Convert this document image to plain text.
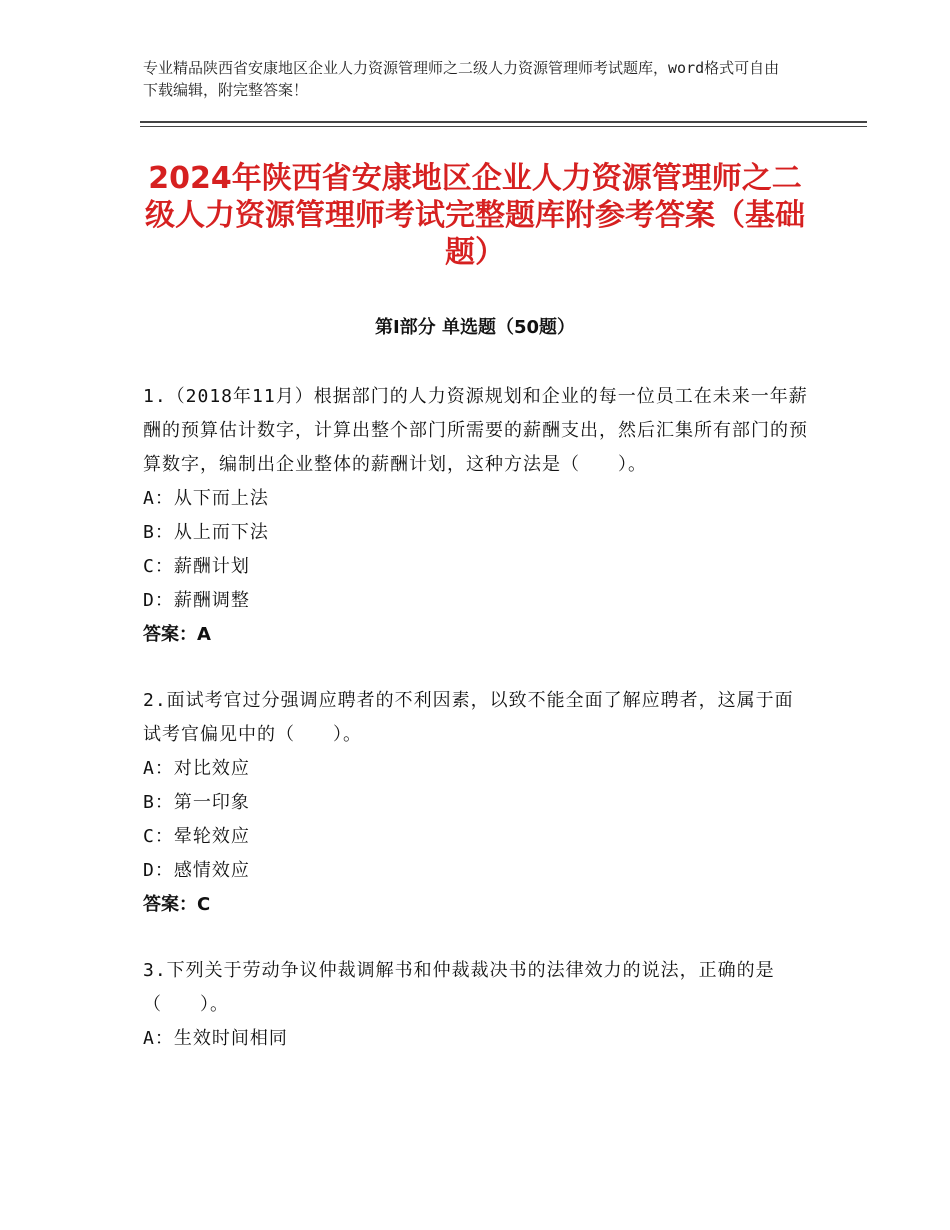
专业精品陕西省安康地区企业人力资源管理师之二级人力资源管理师考试题库，word格式可自由下载编辑，附完整答案！
2024年陕西省安康地区企业人力资源管理师之二级人力资源管理师考试完整题库附参考答案（基础题）
第Ⅰ部分 单选题（50题）
1.（2018年11月）根据部门的人力资源规划和企业的每一位员工在未来一年薪酬的预算估计数字，计算出整个部门所需要的薪酬支出，然后汇集所有部门的预算数字，编制出企业整体的薪酬计划，这种方法是（　　）。
A：从下而上法
B：从上而下法
C：薪酬计划
D：薪酬调整
答案：A
2.面试考官过分强调应聘者的不利因素，以致不能全面了解应聘者，这属于面试考官偏见中的（　　）。
A：对比效应
B：第一印象
C：晕轮效应
D：感情效应
答案：C
3.下列关于劳动争议仲裁调解书和仲裁裁决书的法律效力的说法，正确的是（　　）。
A：生效时间相同
